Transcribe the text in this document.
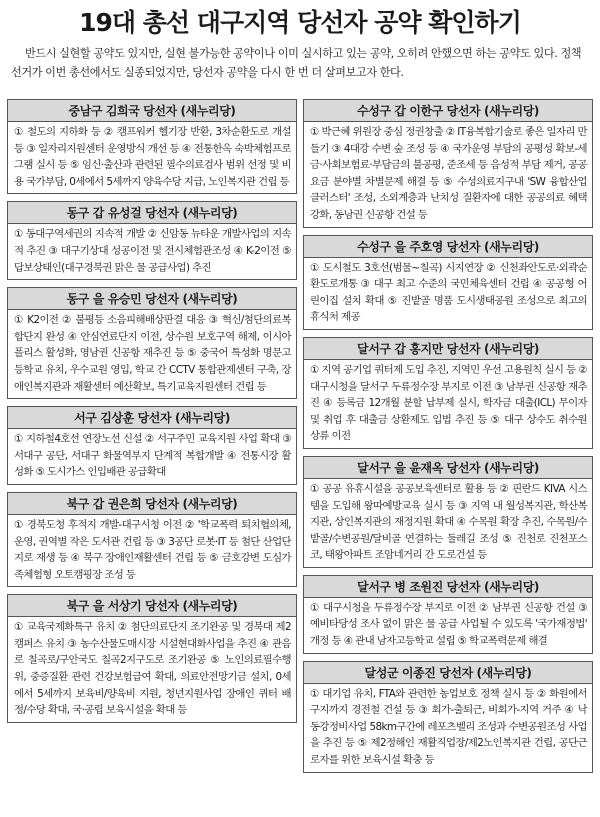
19대 총선 대구지역 당선자 공약 확인하기
반드시 실현할 공약도 있지만, 실현 불가능한 공약이나 이미 실시하고 있는 공약, 오히려 안했으면 하는 공약도 있다. 정책선거가 이번 총선에서도 실종되었지만, 당선자 공약을 다시 한 번 더 살펴보고자 한다.
중남구 김희국 당선자 (새누리당)
① 철도의 지하화 등 ② 캠프워커 헬기장 반환, 3차순환도로 개설 등 ③ 일자리지원센터 운영방식 개선 등 ④ 전통한옥 숙박체험프로그램 실시 등 ⑤ 임신·출산과 관련된 필수의료검사 범위 선정 및 비용 국가부담, 0세에서 5세까지 양육수당 지급, 노인복지관 건립 등
동구 갑 유성걸 당선자 (새누리당)
① 동대구역세권의 지속적 개발 ② 신암동 뉴타운 개발사업의 지속적 추진 ③ 대구기상대 성공이전 및 전시체험관조성 ④ K-2이전 ⑤ 답보상태인(대구경북권 맑은 물 공급사업) 추진
동구 을 유승민 당선자 (새누리당)
① K2이전 ② 불평등 소음피해배상판결 대응 ③ 혁신/첨단의료복합단지 완성 ④ 안심연료단지 이전, 상수원 보호구역 해제, 이시아폴리스 활성화, 영남권 신공항 재추진 등 ⑤ 중국어 특성화 명문고등학교 유치, 우수교원 영입, 학교 간 CCTV 통합관제센터 구축, 장애인복지관과 재활센터 예산확보, 특기교육지원센터 건립 등
서구 김상훈 당선자 (새누리당)
① 지하철4호선 연장노선 신설 ② 서구주민 교육지원 사업 확대 ③ 서대구 공단, 서대구 화물역부지 단계적 복합개발 ④ 전통시장 활성화 ⑤ 도시가스 인입배관 공급확대
북구 갑 권은희 당선자 (새누리당)
① 경북도청 후적지 개발-대구시청 이전 ② '학교폭력 퇴치협의체,운영, 권역별 작은 도서관 건립 등 ③ 3공단 로봇·IT 등 첨단 산업단지로 재생 등 ④ 북구 장애인재활센터 건립 등 ⑤ 금호강변 도심가족체험형 오토캠핑장 조성 등
북구 을 서상기 당선자 (새누리당)
① 교육국제화특구 유치 ② 첨단의료단지 조기완공 및 경북대 제2캠퍼스 유치 ③ 농수산물도매시장 시설현대화사업을 추진 ④ 관음로 칠곡로/구안국도 칠곡2지구도로 조기완공 ⑤ 노인의료필수행위, 중증질환 관련 건강보험급여 확대, 의료안전망기금 설치, 0세에서 5세까지 보육비/양육비 지원, 청년지원사업 장애인 퀴터 배정/수당 확대, 국·공립 보육시설을 확대 등
수성구 갑 이한구 당선자 (새누리당)
① 박근혜 위원장 중심 정권창출 ② IT융복합기술로 좋은 일자리 만들기 ③ 4대강 수변 숲 조성 등 ④ 국가운영 부담의 공평성 확보-세금·사회보험료·부담금의 불공평, 준조세 등 음성적 부담 제거, 공공요금 분야별 차별문제 해결 등 ⑤ 수성의료지구내 'SW 융합산업 클러스터' 조성, 소외계층과 난치성 질환자에 대한 공공의료 혜택 강화, 동남권 신공항 건설 등
수성구 을 주호영 당선자 (새누리당)
① 도시철도 3호선(범물~칠곡) 시지연장 ② 신천좌안도로·외곽순환도로개통 ③ 대구 최고 수준의 국민체육센터 건립 ④ 공공형 어린이집 설치 확대 ⑤ 진밭골 명품 도시생태공원 조성으로 최고의 휴식처 제공
달서구 갑 홍지만 당선자 (새누리당)
① 지역 공기업 쿼터제 도입 추진, 지역민 우선 고용원칙 실시 등 ② 대구시청을 달서구 두류정수장 부지로 이전 ③ 남부권 신공항 재추진 ④ 등록금 12개월 분할 납부제 실시, 학자금 대출(ICL) 무이자 및 취업 후 대출금 상환제도 입법 추진 등 ⑤ 대구 상수도 취수원 상류 이전
달서구 을 윤재옥 당선자 (새누리당)
① 공공 유휴시설을 공공보육센터로 활용 등 ② 핀란드 KIVA 시스템을 도입해 왕따예방교육 실시 등 ③ 지역 내 월성복지관, 학산복지관, 상인복지관의 재정지원 확대 ④ 수목원 확장 추진, 수목원/수밭골/수변공원/달비골 연결하는 둘레길 조성 ⑤ 진천로 진천포스코, 태왕아파트 조암네거리 간 도로건설 등
달서구 병 조원진 당선자 (새누리당)
① 대구시청을 두류정수장 부지로 이전 ② 남부권 신공항 건설 ③ 예비타당성 조사 없이 맑은 물 공급 사업될 수 있도록 '국가재정법' 개정 등 ④ 관내 남자고등학교 설립 ⑤ 학교폭력문제 해결
달성군 이종진 당선자 (새누리당)
① 대기업 유치, FTA와 관련한 농업보호 정책 실시 등 ② 화원에서 구지까지 경전철 건설 등 ③ 회가-출퇴근, 비회가-지역 거주 ④ 낙동강정비사업 58km구간에 레포츠벨리 조성과 수변공원조성 사업을 추진 등 ⑤ 제2정해인 재활직업장/제2노인복지관 건립, 공단근로자를 위한 보육시설 확충 등
